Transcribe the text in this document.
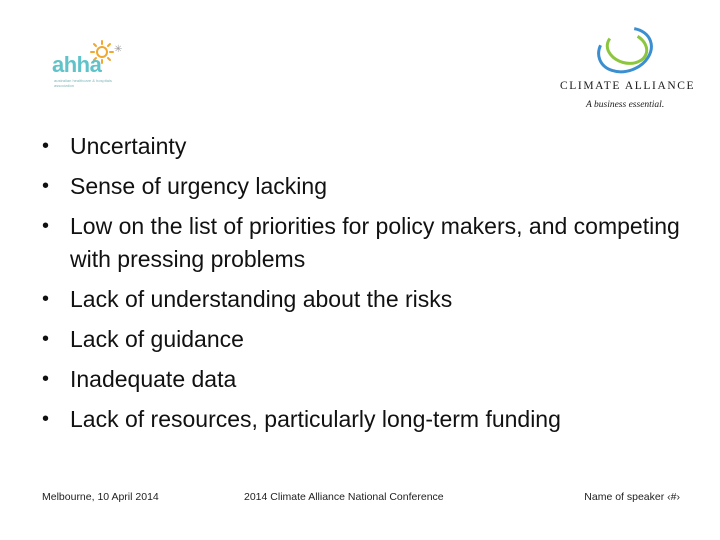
✳
ahha
australian healthcare & hospitals association	CLIMATE ALLIANCE
A business essential.
• Uncertainty
• Sense of urgency lacking
• Low on the list of priorities for policy makers, and competing with pressing problems
• Lack of understanding about the risks
• Lack of guidance
• Inadequate data
• Lack of resources, particularly long-term funding
Melbourne, 10 April 2014	2014 Climate Alliance National Conference	Name of speaker ‹#›
